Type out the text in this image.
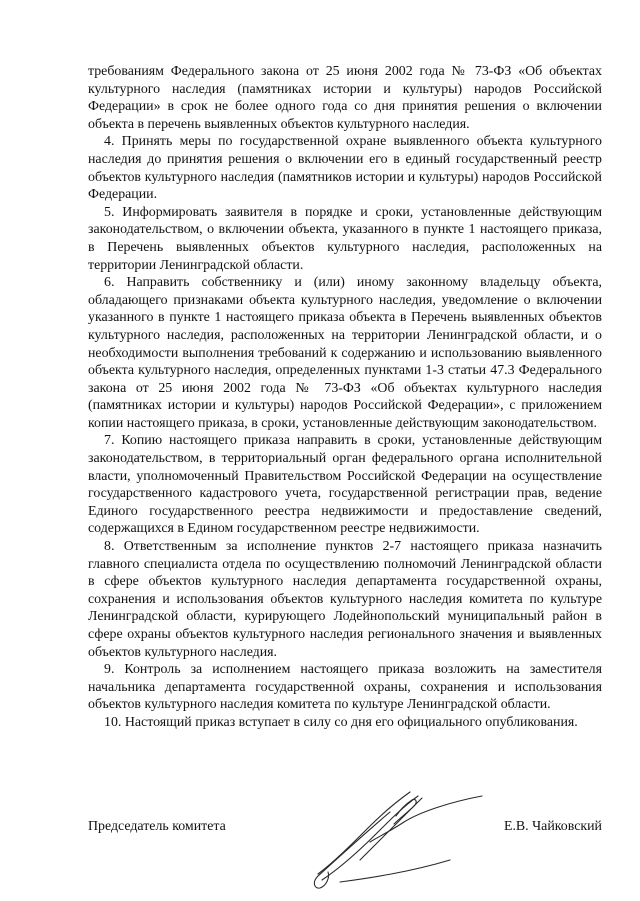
требованиям Федерального закона от 25 июня 2002 года № 73-ФЗ «Об объектах культурного наследия (памятниках истории и культуры) народов Российской Федерации» в срок не более одного года со дня принятия решения о включении объекта в перечень выявленных объектов культурного наследия.

4. Принять меры по государственной охране выявленного объекта культурного наследия до принятия решения о включении его в единый государственный реестр объектов культурного наследия (памятников истории и культуры) народов Российской Федерации.

5. Информировать заявителя в порядке и сроки, установленные действующим законодательством, о включении объекта, указанного в пункте 1 настоящего приказа, в Перечень выявленных объектов культурного наследия, расположенных на территории Ленинградской области.

6. Направить собственнику и (или) иному законному владельцу объекта, обладающего признаками объекта культурного наследия, уведомление о включении указанного в пункте 1 настоящего приказа объекта в Перечень выявленных объектов культурного наследия, расположенных на территории Ленинградской области, и о необходимости выполнения требований к содержанию и использованию выявленного объекта культурного наследия, определенных пунктами 1-3 статьи 47.3 Федерального закона от 25 июня 2002 года № 73-ФЗ «Об объектах культурного наследия (памятниках истории и культуры) народов Российской Федерации», с приложением копии настоящего приказа, в сроки, установленные действующим законодательством.

7. Копию настоящего приказа направить в сроки, установленные действующим законодательством, в территориальный орган федерального органа исполнительной власти, уполномоченный Правительством Российской Федерации на осуществление государственного кадастрового учета, государственной регистрации прав, ведение Единого государственного реестра недвижимости и предоставление сведений, содержащихся в Едином государственном реестре недвижимости.

8. Ответственным за исполнение пунктов 2-7 настоящего приказа назначить главного специалиста отдела по осуществлению полномочий Ленинградской области в сфере объектов культурного наследия департамента государственной охраны, сохранения и использования объектов культурного наследия комитета по культуре Ленинградской области, курирующего Лодейнопольский муниципальный район в сфере охраны объектов культурного наследия регионального значения и выявленных объектов культурного наследия.

9. Контроль за исполнением настоящего приказа возложить на заместителя начальника департамента государственной охраны, сохранения и использования объектов культурного наследия комитета по культуре Ленинградской области.

10. Настоящий приказ вступает в силу со дня его официального опубликования.

Председатель комитета	Е.В. Чайковский
